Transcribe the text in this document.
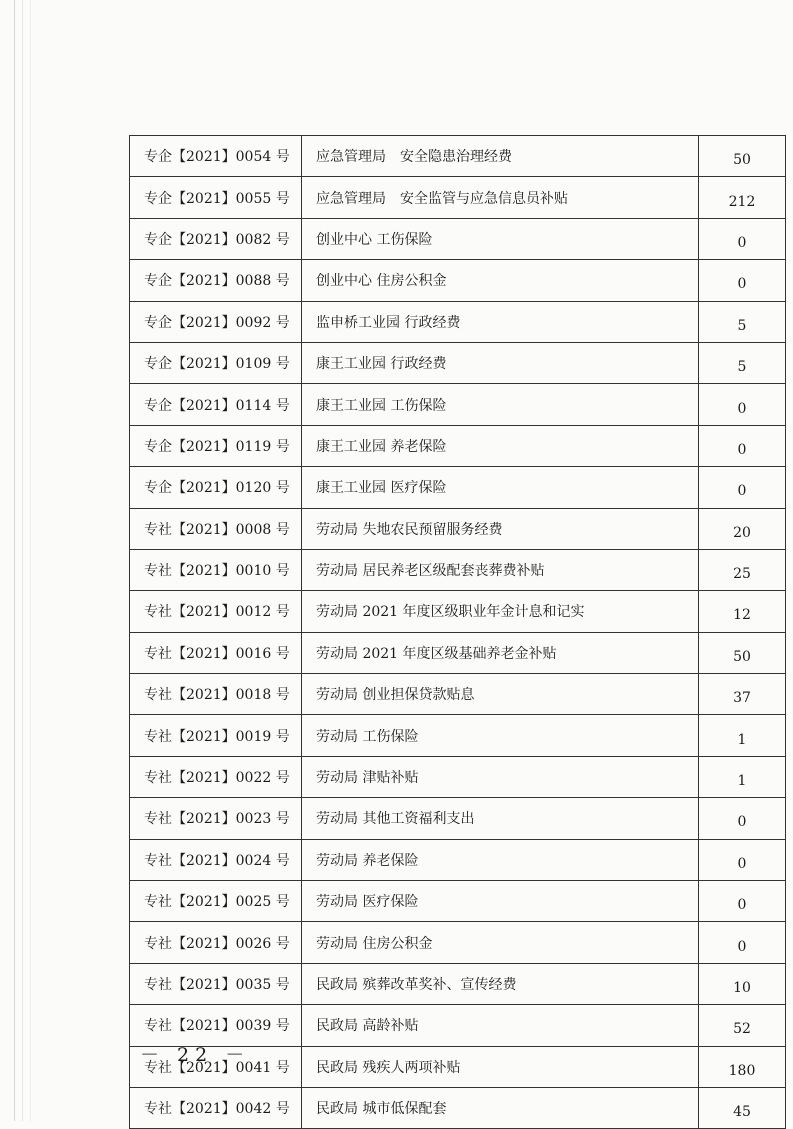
专企【2021】0054 号	应急管理局　安全隐患治理经费	50
专企【2021】0055 号	应急管理局　安全监管与应急信息员补贴	212
专企【2021】0082 号	创业中心 工伤保险	0
专企【2021】0088 号	创业中心 住房公积金	0
专企【2021】0092 号	监申桥工业园 行政经费	5
专企【2021】0109 号	康王工业园 行政经费	5
专企【2021】0114 号	康王工业园 工伤保险	0
专企【2021】0119 号	康王工业园 养老保险	0
专企【2021】0120 号	康王工业园 医疗保险	0
专社【2021】0008 号	劳动局 失地农民预留服务经费	20
专社【2021】0010 号	劳动局 居民养老区级配套丧葬费补贴	25
专社【2021】0012 号	劳动局 2021 年度区级职业年金计息和记实	12
专社【2021】0016 号	劳动局 2021 年度区级基础养老金补贴	50
专社【2021】0018 号	劳动局 创业担保贷款贴息	37
专社【2021】0019 号	劳动局 工伤保险	1
专社【2021】0022 号	劳动局 津贴补贴	1
专社【2021】0023 号	劳动局 其他工资福利支出	0
专社【2021】0024 号	劳动局 养老保险	0
专社【2021】0025 号	劳动局 医疗保险	0
专社【2021】0026 号	劳动局 住房公积金	0
专社【2021】0035 号	民政局 殡葬改革奖补、宣传经费	10
专社【2021】0039 号	民政局 高龄补贴	52
专社【2021】0041 号	民政局 残疾人两项补贴	180
专社【2021】0042 号	民政局 城市低保配套	45
－ 22 －
